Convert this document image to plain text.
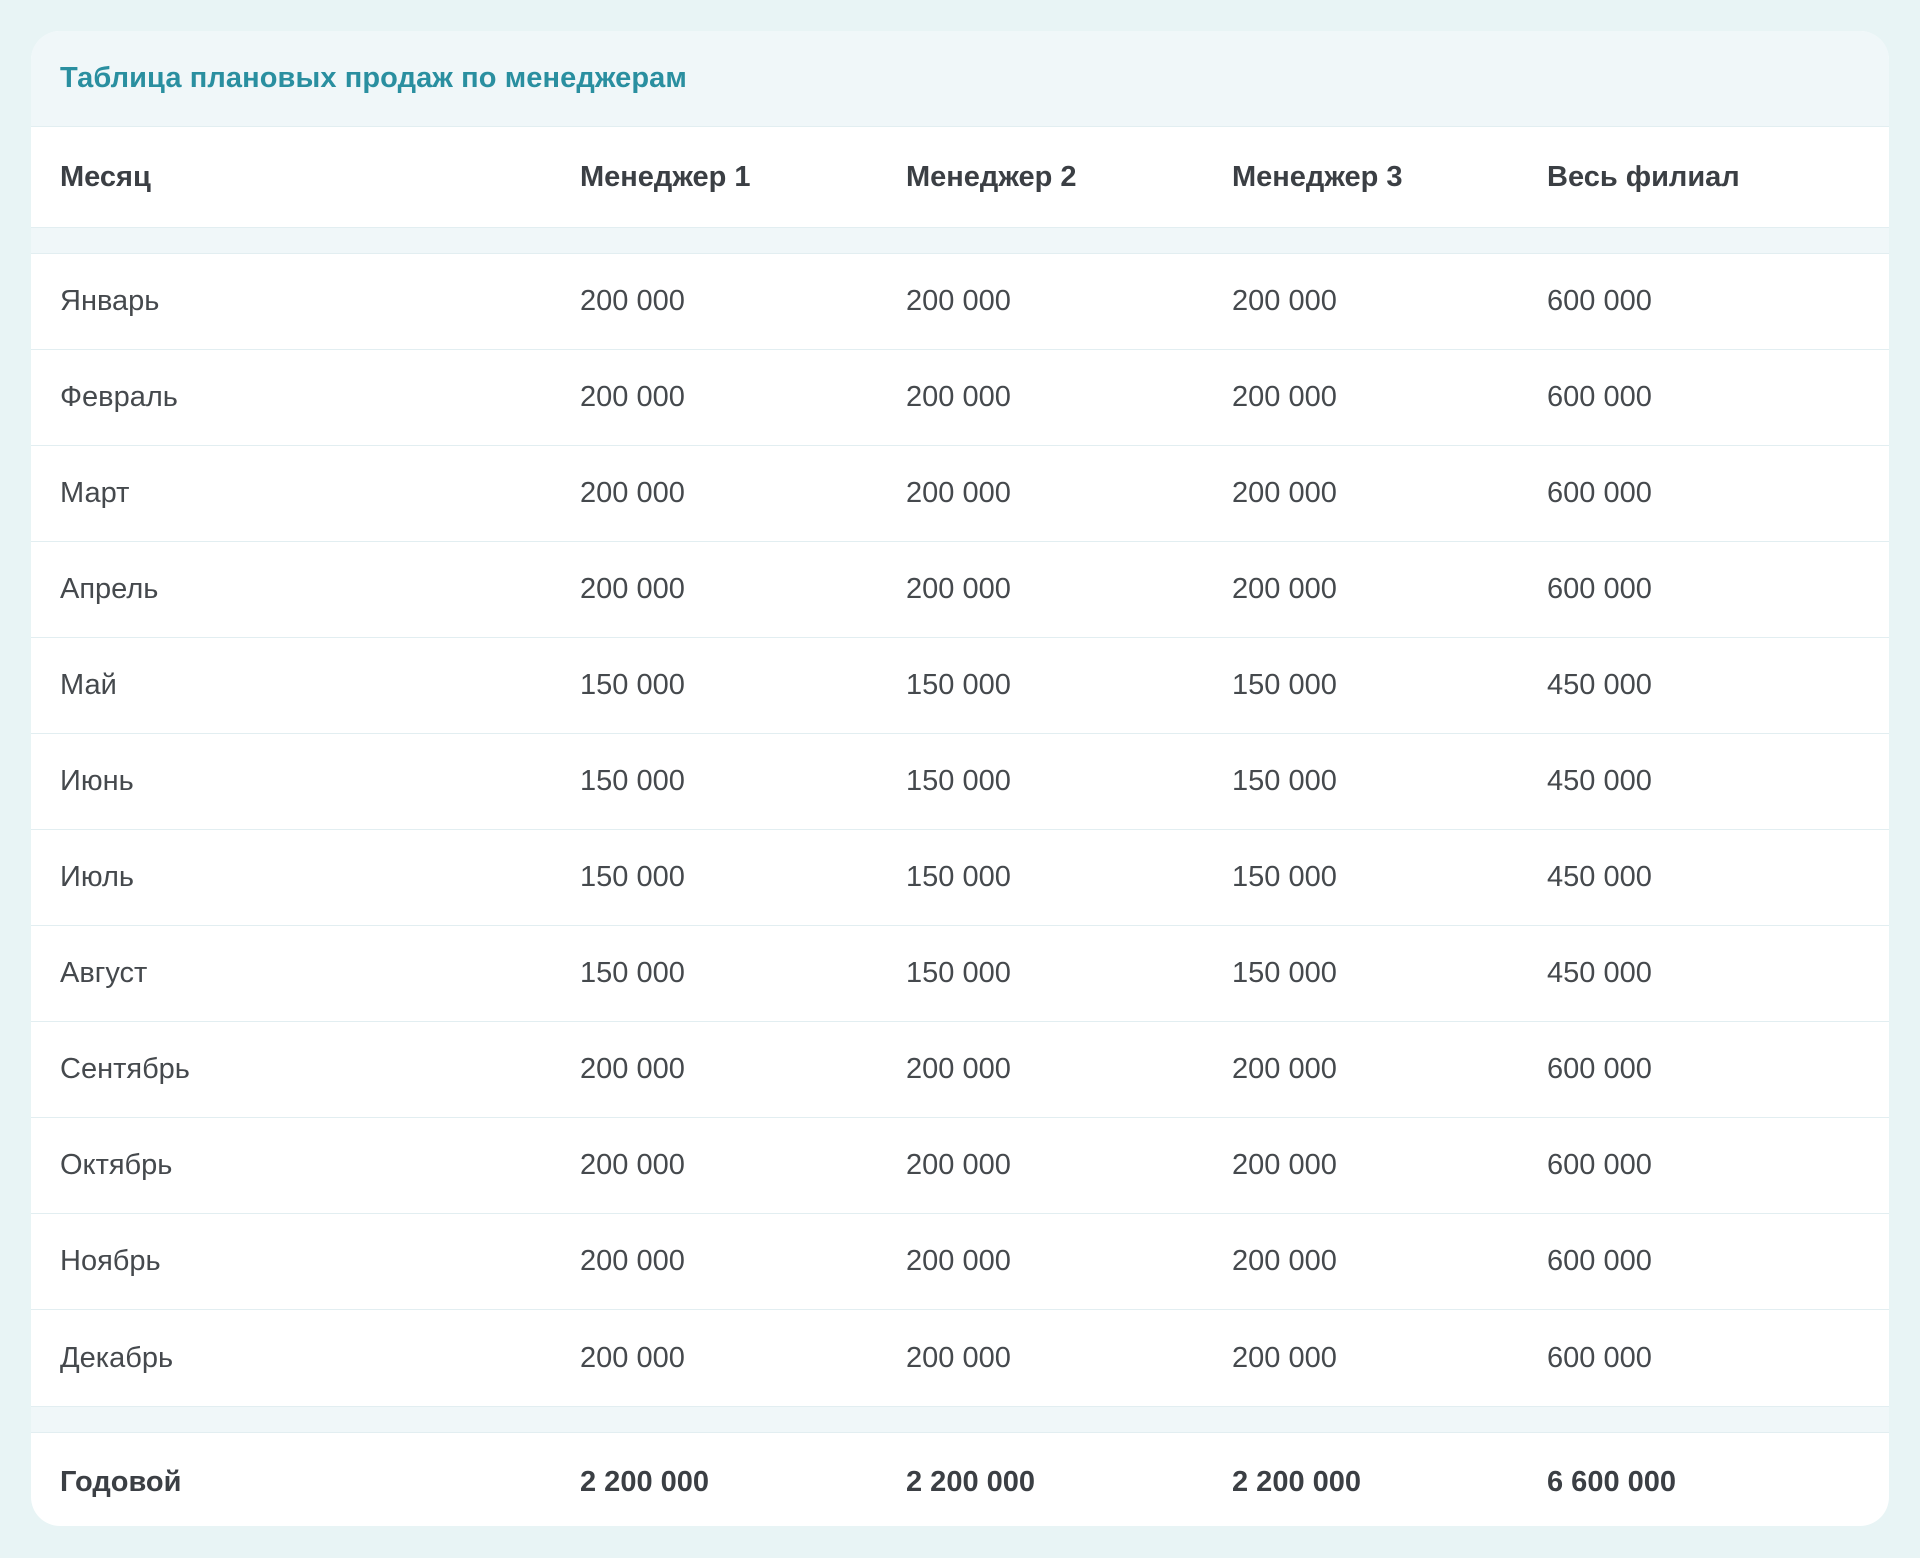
Таблица плановых продаж по менеджерам
Месяц	Менеджер 1	Менеджер 2	Менеджер 3	Весь филиал
Январь	200 000	200 000	200 000	600 000
Февраль	200 000	200 000	200 000	600 000
Март	200 000	200 000	200 000	600 000
Апрель	200 000	200 000	200 000	600 000
Май	150 000	150 000	150 000	450 000
Июнь	150 000	150 000	150 000	450 000
Июль	150 000	150 000	150 000	450 000
Август	150 000	150 000	150 000	450 000
Сентябрь	200 000	200 000	200 000	600 000
Октябрь	200 000	200 000	200 000	600 000
Ноябрь	200 000	200 000	200 000	600 000
Декабрь	200 000	200 000	200 000	600 000
Годовой	2 200 000	2 200 000	2 200 000	6 600 000
